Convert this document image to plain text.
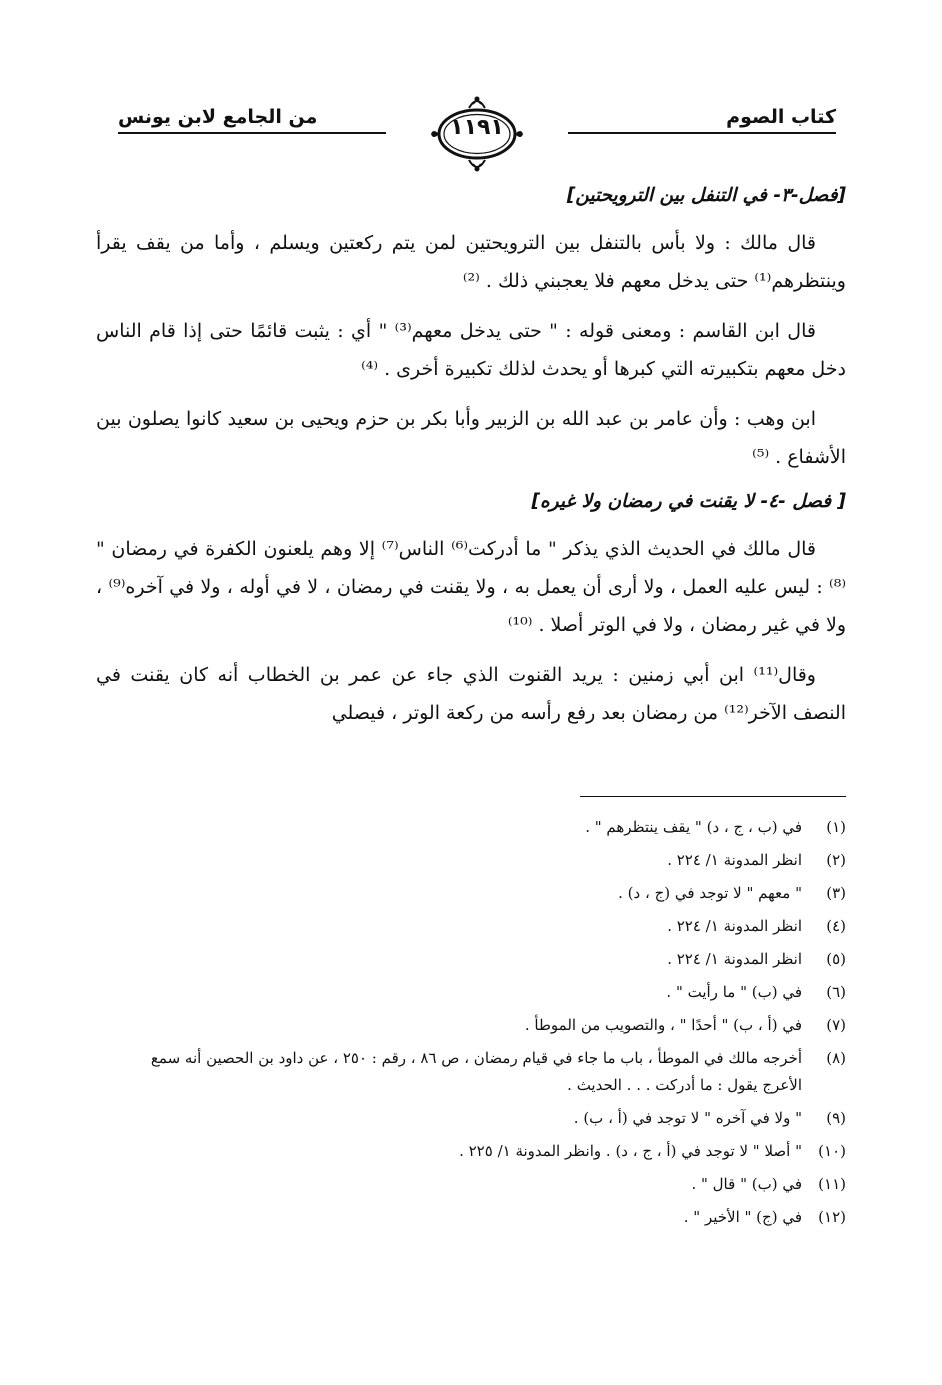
كتاب الصوم
من الجامع لابن يونس	١١٩١
[فصل-٣- في التنفل بين الترويحتين]

قال مالك : ولا بأس بالتنفل بين الترويحتين لمن يتم ركعتين ويسلم ، وأما من يقف يقرأ وينتظرهم⁽¹⁾ حتى يدخل معهم فلا يعجبني ذلك . ⁽²⁾

قال ابن القاسم : ومعنى قوله : " حتى يدخل معهم⁽³⁾ " أي : يثبت قائمًا حتى إذا قام الناس دخل معهم بتكبيرته التي كبرها أو يحدث لذلك تكبيرة أخرى . ⁽⁴⁾

ابن وهب : وأن عامر بن عبد الله بن الزبير وأبا بكر بن حزم ويحيى بن سعيد كانوا يصلون بين الأشفاع . ⁽⁵⁾

[ فصل -٤- لا يقنت في رمضان ولا غيره]

قال مالك في الحديث الذي يذكر " ما أدركت⁽⁶⁾ الناس⁽⁷⁾ إلا وهم يلعنون الكفرة في رمضان " ⁽⁸⁾ : ليس عليه العمل ، ولا أرى أن يعمل به ، ولا يقنت في رمضان ، لا في أوله ، ولا في آخره⁽⁹⁾ ، ولا في غير رمضان ، ولا في الوتر أصلا . ⁽¹⁰⁾

وقال⁽¹¹⁾ ابن أبي زمنين : يريد القنوت الذي جاء عن عمر بن الخطاب أنه كان يقنت في النصف الآخر⁽¹²⁾ من رمضان بعد رفع رأسه من ركعة الوتر ، فيصلي

(١)
في (ب ، ج ، د) " يقف ينتظرهم " .
(٢)
انظر المدونة ١/ ٢٢٤ .
(٣)
" معهم " لا توجد في (ج ، د) .
(٤)
انظر المدونة ١/ ٢٢٤ .
(٥)
انظر المدونة ١/ ٢٢٤ .
(٦)
في (ب) " ما رأيت " .
(٧)
في (أ ، ب) " أحدًا " ، والتصويب من الموطأ .
(٨)
أخرجه مالك في الموطأ ، باب ما جاء في قيام رمضان ، ص ٨٦ ، رقم : ٢٥٠ ، عن داود بن الحصين أنه سمع الأعرج يقول : ما أدركت . . . الحديث .
(٩)
" ولا في آخره " لا توجد في (أ ، ب) .
(١٠)
" أصلا " لا توجد في (أ ، ج ، د) . وانظر المدونة ١/ ٢٢٥ .
(١١)
في (ب) " قال " .
(١٢)
في (ج) " الأخير " .
